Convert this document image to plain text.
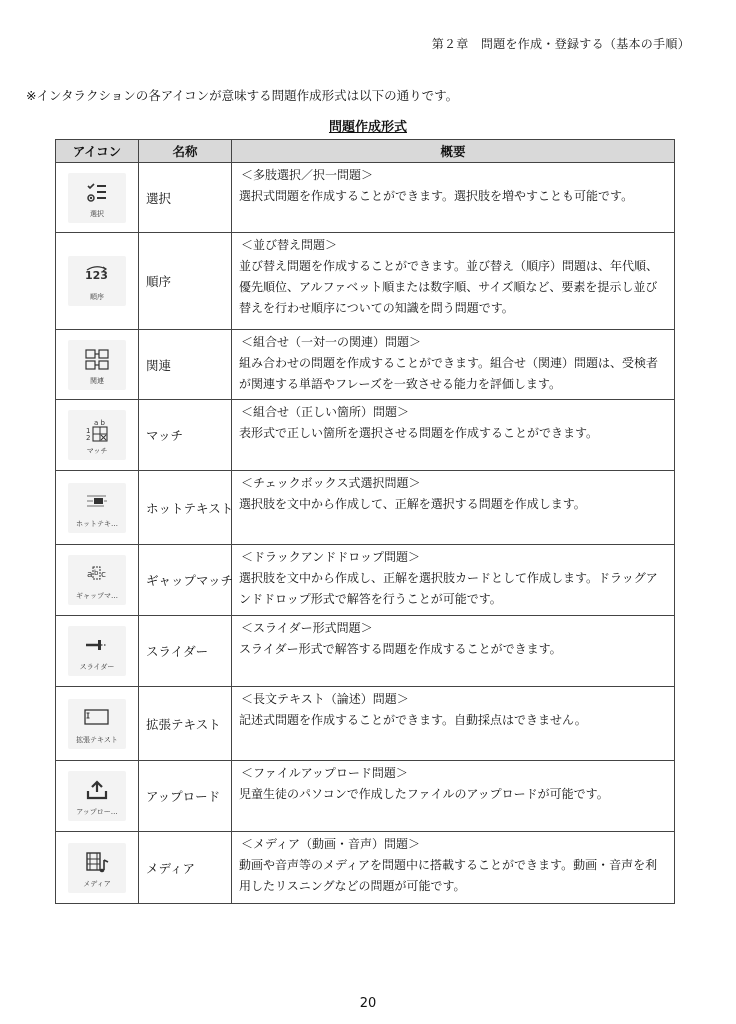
第２章　問題を作成・登録する（基本の手順）
※インタラクションの各アイコンが意味する問題作成形式は以下の通りです。
問題作成形式
アイコン	名称	概要

選択	選択	＜多肢選択／択一問題＞
選択式問題を作成することができます。選択肢を増やすことも可能です。

123
順序	順序	＜並び替え問題＞
並び替え問題を作成することができます。並び替え（順序）問題は、年代順、優先順位、アルファベット順または数字順、サイズ順など、要素を提示し並び替えを行わせ順序についての知識を問う問題です。

関連	関連	＜組合せ（一対一の関連）問題＞
組み合わせの問題を作成することができます。組合せ（関連）問題は、受検者が関連する単語やフレーズを一致させる能力を評価します。

a b
1
2
マッチ	マッチ	＜組合せ（正しい箇所）問題＞
表形式で正しい箇所を選択させる問題を作成することができます。

ホットテキ…	ホットテキスト	＜チェックボックス式選択問題＞
選択肢を文中から作成して、正解を選択する問題を作成します。

a b c
ギャップマ…	ギャップマッチ	＜ドラックアンドドロップ問題＞
選択肢を文中から作成し、正解を選択肢カードとして作成します。ドラッグアンドドロップ形式で解答を行うことが可能です。

スライダー	スライダー	＜スライダー形式問題＞
スライダー形式で解答する問題を作成することができます。

拡張テキスト	拡張テキスト	＜長文テキスト（論述）問題＞
記述式問題を作成することができます。自動採点はできません。

アップロー…	アップロード	＜ファイルアップロード問題＞
児童生徒のパソコンで作成したファイルのアップロードが可能です。

メディア	メディア	＜メディア（動画・音声）問題＞
動画や音声等のメディアを問題中に搭載することができます。動画・音声を利用したリスニングなどの問題が可能です。
20
